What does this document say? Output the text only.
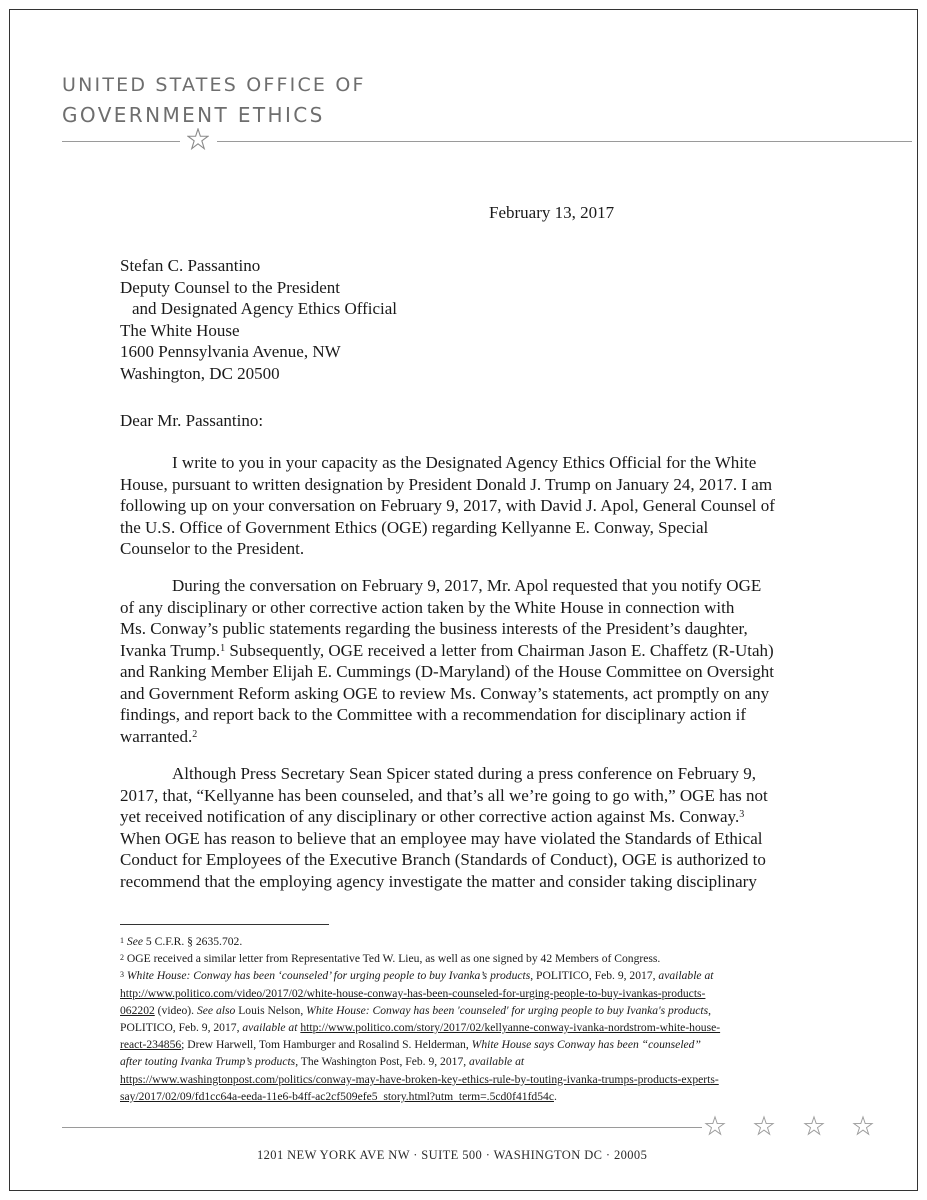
UNITED STATES OFFICE OF
GOVERNMENT ETHICS
February 13, 2017
Stefan C. Passantino
Deputy Counsel to the President
and Designated Agency Ethics Official
The White House
1600 Pennsylvania Avenue, NW
Washington, DC 20500
Dear Mr. Passantino:
I write to you in your capacity as the Designated Agency Ethics Official for the White
House, pursuant to written designation by President Donald J. Trump on January 24, 2017. I am
following up on your conversation on February 9, 2017, with David J. Apol, General Counsel of
the U.S. Office of Government Ethics (OGE) regarding Kellyanne E. Conway, Special
Counselor to the President.
During the conversation on February 9, 2017, Mr. Apol requested that you notify OGE
of any disciplinary or other corrective action taken by the White House in connection with
Ms. Conway’s public statements regarding the business interests of the President’s daughter,
Ivanka Trump.$^1$ Subsequently, OGE received a letter from Chairman Jason E. Chaffetz (R-Utah)
and Ranking Member Elijah E. Cummings (D-Maryland) of the House Committee on Oversight
and Government Reform asking OGE to review Ms. Conway’s statements, act promptly on any
findings, and report back to the Committee with a recommendation for disciplinary action if
warranted.$^2$
Although Press Secretary Sean Spicer stated during a press conference on February 9,
2017, that, “Kellyanne has been counseled, and that’s all we’re going to go with,” OGE has not
yet received notification of any disciplinary or other corrective action against Ms. Conway.$^3$
When OGE has reason to believe that an employee may have violated the Standards of Ethical
Conduct for Employees of the Executive Branch (Standards of Conduct), OGE is authorized to
recommend that the employing agency investigate the matter and consider taking disciplinary
$^1$ See 5 C.F.R. § 2635.702.
$^2$ OGE received a similar letter from Representative Ted W. Lieu, as well as one signed by 42 Members of Congress.
$^3$ White House: Conway has been ‘counseled’ for urging people to buy Ivanka’s products, POLITICO, Feb. 9, 2017, available at
http://www.politico.com/video/2017/02/white-house-conway-has-been-counseled-for-urging-people-to-buy-ivankas-products-
062202 (video). See also Louis Nelson, White House: Conway has been 'counseled' for urging people to buy Ivanka's products,
POLITICO, Feb. 9, 2017, available at http://www.politico.com/story/2017/02/kellyanne-conway-ivanka-nordstrom-white-house-
react-234856; Drew Harwell, Tom Hamburger and Rosalind S. Helderman, White House says Conway has been “counseled”
after touting Ivanka Trump’s products, The Washington Post, Feb. 9, 2017, available at
https://www.washingtonpost.com/politics/conway-may-have-broken-key-ethics-rule-by-touting-ivanka-trumps-products-experts-
say/2017/02/09/fd1cc64a-eeda-11e6-b4ff-ac2cf509efe5_story.html?utm_term=.5cd0f41fd54c.
1201 NEW YORK AVE NW · SUITE 500 · WASHINGTON DC · 20005
